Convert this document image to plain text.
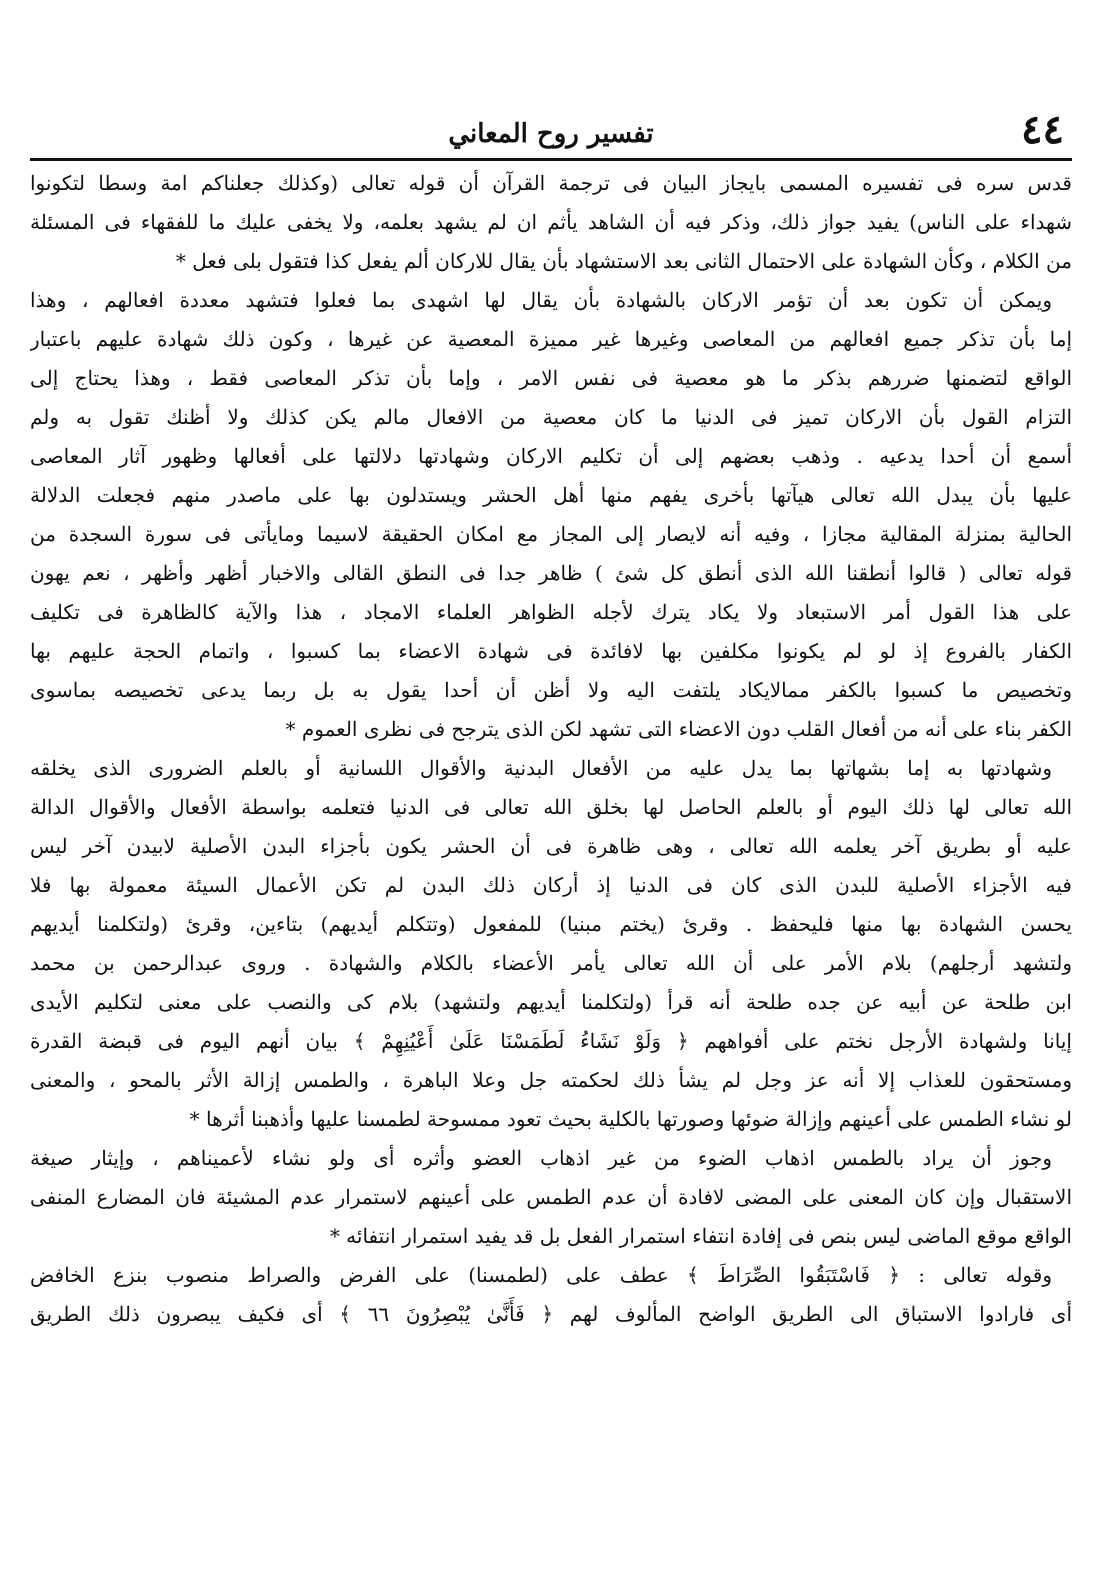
٤٤
تفسير روح المعاني
قدس سره فى تفسيره المسمى بايجاز البيان فى ترجمة القرآن أن قوله تعالى (وكذلك جعلناكم امة وسطا لتكونوا
شهداء على الناس) يفيد جواز ذلك، وذكر فيه أن الشاهد يأثم ان لم يشهد بعلمه، ولا يخفى عليك ما للفقهاء فى المسئلة
من الكلام ، وكأن الشهادة على الاحتمال الثانى بعد الاستشهاد بأن يقال للاركان ألم يفعل كذا فتقول بلى فعل *
ويمكن أن تكون بعد أن تؤمر الاركان بالشهادة بأن يقال لها اشهدى بما فعلوا فتشهد معددة افعالهم ، وهذا
إما بأن تذكر جميع افعالهم من المعاصى وغيرها غير مميزة المعصية عن غيرها ، وكون ذلك شهادة عليهم باعتبار
الواقع لتضمنها ضررهم بذكر ما هو معصية فى نفس الامر ، وإما بأن تذكر المعاصى فقط ، وهذا يحتاج إلى
التزام القول بأن الاركان تميز فى الدنيا ما كان معصية من الافعال مالم يكن كذلك ولا أظنك تقول به ولم
أسمع أن أحدا يدعيه . وذهب بعضهم إلى أن تكليم الاركان وشهادتها دلالتها على أفعالها وظهور آثار المعاصى
عليها بأن يبدل الله تعالى هيآتها بأخرى يفهم منها أهل الحشر ويستدلون بها على ماصدر منهم فجعلت الدلالة
الحالية بمنزلة المقالية مجازا ، وفيه أنه لايصار إلى المجاز مع امكان الحقيقة لاسيما ومايأتى فى سورة السجدة من
قوله تعالى ( قالوا أنطقنا الله الذى أنطق كل شئ ) ظاهر جدا فى النطق القالى والاخبار أظهر وأظهر ، نعم يهون
على هذا القول أمر الاستبعاد ولا يكاد يترك لأجله الظواهر العلماء الامجاد ، هذا والآية كالظاهرة فى تكليف
الكفار بالفروع إذ لو لم يكونوا مكلفين بها لافائدة فى شهادة الاعضاء بما كسبوا ، واتمام الحجة عليهم بها
وتخصيص ما كسبوا بالكفر ممالايكاد يلتفت اليه ولا أظن أن أحدا يقول به بل ربما يدعى تخصيصه بماسوى
الكفر بناء على أنه من أفعال القلب دون الاعضاء التى تشهد لكن الذى يترجح فى نظرى العموم *
وشهادتها به إما بشهاتها بما يدل عليه من الأفعال البدنية والأقوال اللسانية أو بالعلم الضرورى الذى يخلقه
الله تعالى لها ذلك اليوم أو بالعلم الحاصل لها بخلق الله تعالى فى الدنيا فتعلمه بواسطة الأفعال والأقوال الدالة
عليه أو بطريق آخر يعلمه الله تعالى ، وهى ظاهرة فى أن الحشر يكون بأجزاء البدن الأصلية لابيدن آخر ليس
فيه الأجزاء الأصلية للبدن الذى كان فى الدنيا إذ أركان ذلك البدن لم تكن الأعمال السيئة معمولة بها فلا
يحسن الشهادة بها منها فليحفظ . وقرئ (يختم مبنيا) للمفعول (وتتكلم أيديهم) بتاءين، وقرئ (ولتكلمنا أيديهم
ولتشهد أرجلهم) بلام الأمر على أن الله تعالى يأمر الأعضاء بالكلام والشهادة . وروى عبدالرحمن بن محمد
ابن طلحة عن أبيه عن جده طلحة أنه قرأ (ولتكلمنا أيديهم ولتشهد) بلام كى والنصب على معنى لتكليم الأيدى
إيانا ولشهادة الأرجل نختم على أفواههم ﴿ وَلَوْ نَشَاءُ لَطَمَسْنَا عَلَىٰ أَعْيُنِهِمْ ﴾ بيان أنهم اليوم فى قبضة القدرة
ومستحقون للعذاب إلا أنه عز وجل لم يشأ ذلك لحكمته جل وعلا الباهرة ، والطمس إزالة الأثر بالمحو ، والمعنى
لو نشاء الطمس على أعينهم وإزالة ضوئها وصورتها بالكلية بحيث تعود ممسوحة لطمسنا عليها وأذهبنا أثرها *
وجوز أن يراد بالطمس اذهاب الضوء من غير اذهاب العضو وأثره أى ولو نشاء لأعميناهم ، وإيثار صيغة
الاستقبال وإن كان المعنى على المضى لافادة أن عدم الطمس على أعينهم لاستمرار عدم المشيئة فان المضارع المنفى
الواقع موقع الماضى ليس بنص فى إفادة انتفاء استمرار الفعل بل قد يفيد استمرار انتفائه *
وقوله تعالى : ﴿ فَاسْتَبَقُوا الصِّرَاطَ ﴾ عطف على (لطمسنا) على الفرض والصراط منصوب بنزع الخافض
أى فارادوا الاستباق الى الطريق الواضح المألوف لهم ﴿ فَأَنَّىٰ يُبْصِرُونَ ٦٦ ﴾ أى فكيف يبصرون ذلك الطريق
